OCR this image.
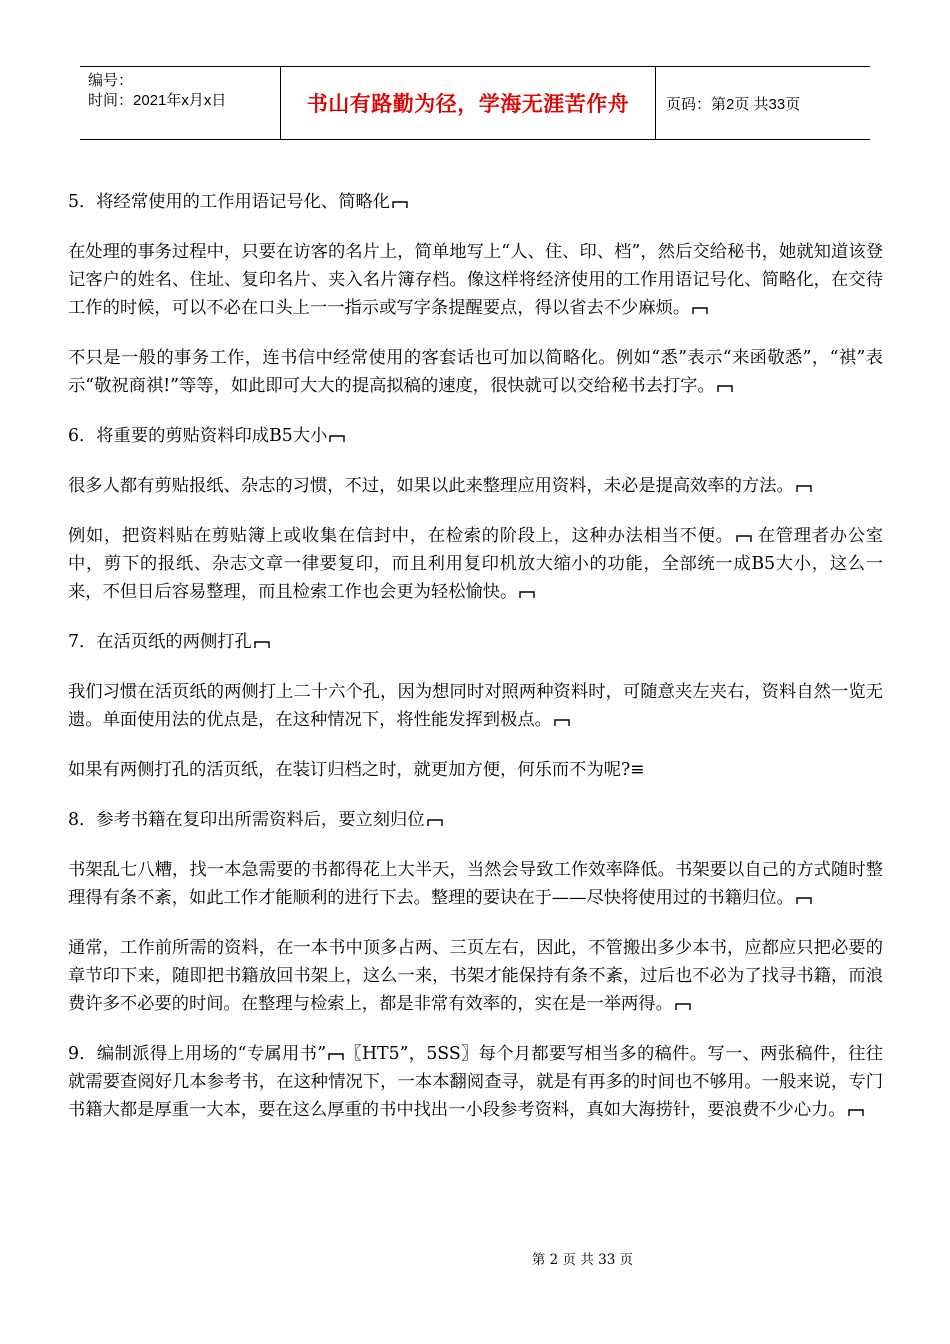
编号：
时间：2021年x月x日	书山有路勤为径，学海无涯苦作舟	页码：第2页 共33页
5．将经常使用的工作用语记号化、简略化
在处理的事务过程中，只要在访客的名片上，简单地写上“人、住、印、档”，然后交给秘书，她就知道该登记客户的姓名、住址、复印名片、夹入名片簿存档。像这样将经济使用的工作用语记号化、简略化，在交待工作的时候，可以不必在口头上一一指示或写字条提醒要点，得以省去不少麻烦。
不只是一般的事务工作，连书信中经常使用的客套话也可加以简略化。例如“悉”表示“来函敬悉”，“祺”表示“敬祝商祺!”等等，如此即可大大的提高拟稿的速度，很快就可以交给秘书去打字。
6．将重要的剪贴资料印成B5大小
很多人都有剪贴报纸、杂志的习惯，不过，如果以此来整理应用资料，未必是提高效率的方法。
例如，把资料贴在剪贴簿上或收集在信封中，在检索的阶段上，这种办法相当不便。
在管理者办公室中，剪下的报纸、杂志文章一律要复印，而且利用复印机放大缩小的功能，全部统一成B5大小，这么一来，不但日后容易整理，而且检索工作也会更为轻松愉快。
7．在活页纸的两侧打孔
我们习惯在活页纸的两侧打上二十六个孔，因为想同时对照两种资料时，可随意夹左夹右，资料自然一览无遗。单面使用法的优点是，在这种情况下，将性能发挥到极点。
如果有两侧打孔的活页纸，在装订归档之时，就更加方便，何乐而不为呢?≡
8．参考书籍在复印出所需资料后，要立刻归位
书架乱七八糟，找一本急需要的书都得花上大半天，当然会导致工作效率降低。书架要以自己的方式随时整理得有条不紊，如此工作才能顺利的进行下去。整理的要诀在于——尽快将使用过的书籍归位。
通常，工作前所需的资料，在一本书中顶多占两、三页左右，因此，不管搬出多少本书，应都应只把必要的章节印下来，随即把书籍放回书架上，这么一来，书架才能保持有条不紊，过后也不必为了找寻书籍，而浪费许多不必要的时间。在整理与检索上，都是非常有效率的，实在是一举两得。
9．编制派得上用场的“专属用书” 〖HT5”，5SS〗每个月都要写相当多的稿件。写一、两张稿件，往往就需要查阅好几本参考书，在这种情况下，一本本翻阅查寻，就是有再多的时间也不够用。一般来说，专门书籍大都是厚重一大本，要在这么厚重的书中找出一小段参考资料，真如大海捞针，要浪费不少心力。
第 2 页 共 33 页
